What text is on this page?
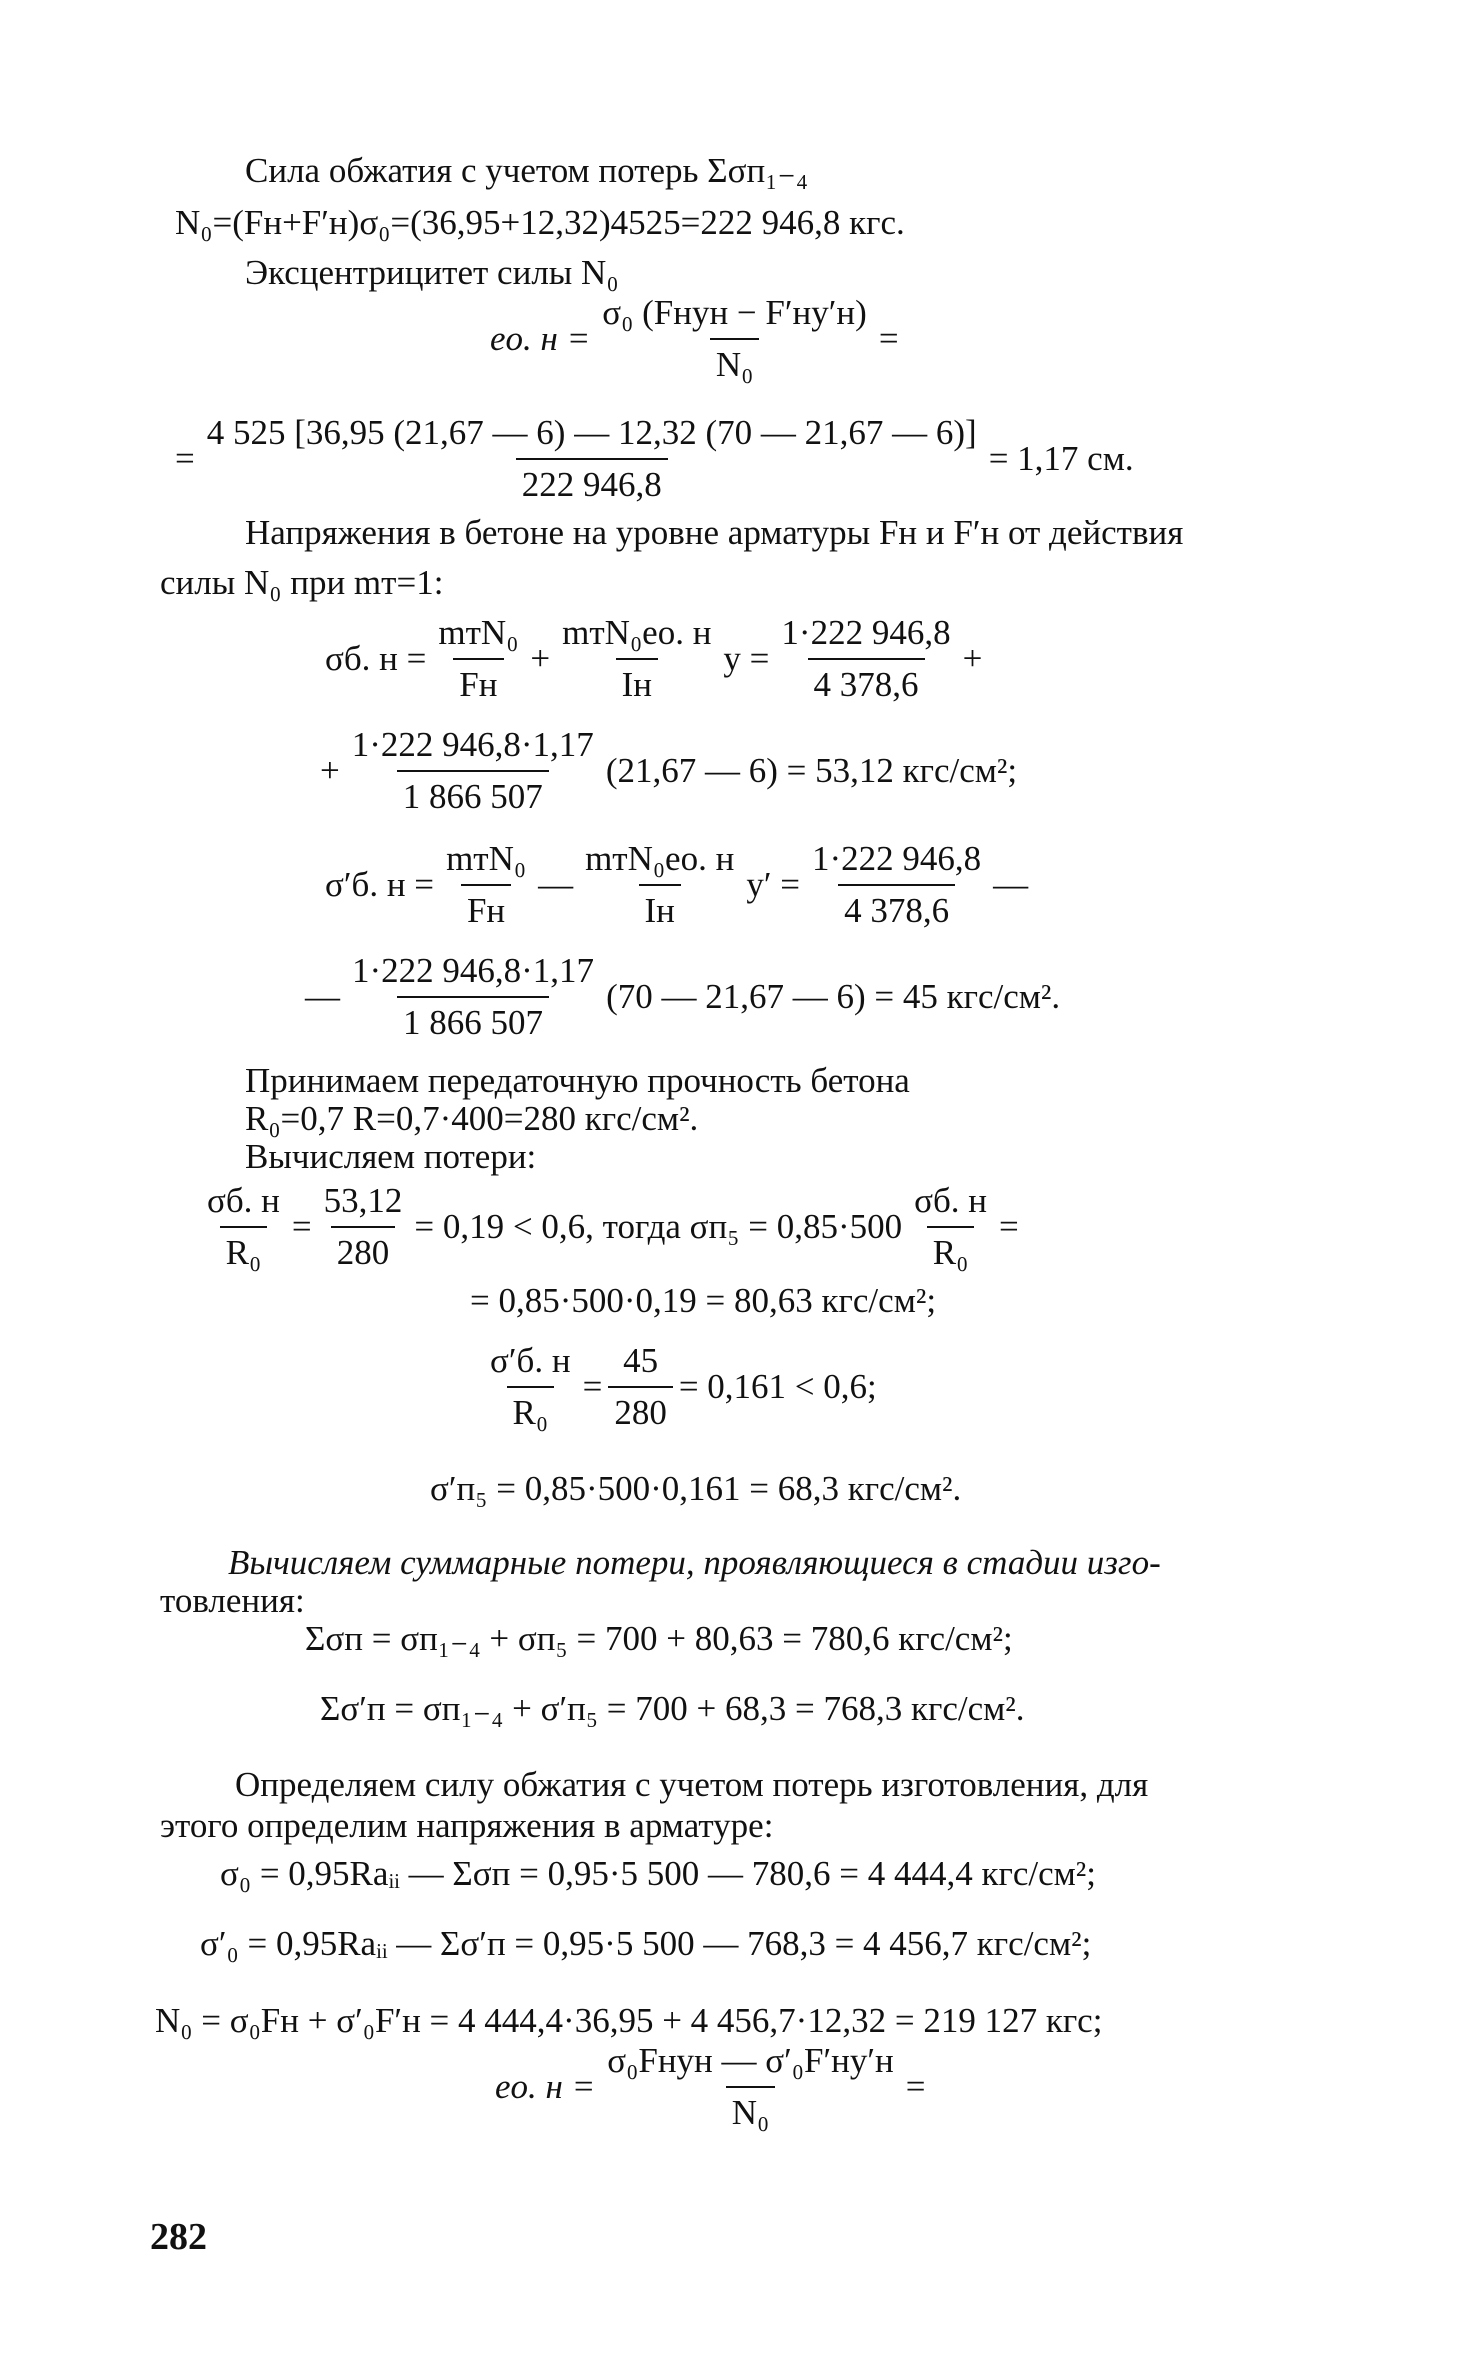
Сила обжатия с учетом потерь Σσп₁₋₄
N₀=(Fн+F′н)σ₀=(36,95+12,32)4525=222 946,8 кгс.
Эксцентрицитет силы N₀
eо. $н = \frac{\text{σ₀ (Fнyн − F′нy′н)}}{\text{N₀}}$ =
= $\frac{4 525 [36,95 (21,67 — 6) — 12,32 (70 — 21,67 — 6)]}{222 946,8} = 1,17$ см.
Напряжения в бетоне на уровне арматуры Fн и F′н от действия
силы N₀ при mт=1:
σб. $н = \frac{\text{mтN₀}}{Fн} + \frac{\text{mтN₀eо. н}}{Iн}$ $y = \frac{1\cdot 222 946,8}{4 378,6}$ +
+ $\frac{1\cdot 222 946,8\cdot 1,17}{1 866 507} (21,67$ — 6) = 53,12 кгс/см²;
σ′б. $н = \frac{\text{mтN₀}}{Fн}$ — $\frac{\text{mтN₀eо. н}}{Iн} y' = \frac{1\cdot 222 946,8}{4 378,6}$ —
— $\frac{1\cdot 222 946,8\cdot 1,17}{1 866 507} (70$ — 21,67 — 6) = 45 кгс/см².
Принимаем передаточную прочность бетона
R₀=0,7 R=0,7·400=280 кгс/см².
Вычисляем потери:
$\frac{\sigma б. н}{\text{R₀}} = \frac{53,12}{280} = 0,19 < 0,6$, тогда $\sigma п_5 = 0,85\cdot 500 \frac{\sigma б. н}{\text{R₀}}$ =
= 0,85·500·0,19 = 80,63 кгс/см²;
$\frac{\sigma'б. н}{\text{R₀}} = \frac{45}{280} = 0,161 < 0,6$;
σ′п₅ = 0,85·500·0,161 = 68,3 кгс/см².
Вычисляем суммарные потери, проявляющиеся в стадии изго-
товления:
Σσп = σп₁₋₄ + σп₅ = 700 + 80,63 = 780,6 кгс/см²;
Σσ′п = σп₁₋₄ + σ′п₅ = 700 + 68,3 = 768,3 кгс/см².
Определяем силу обжатия с учетом потерь изготовления, для
этого определим напряжения в арматуре:
σ₀ = 0,95Raᵢᵢ — Σσп = 0,95·5 500 — 780,6 = 4 444,4 кгс/см²;
σ′₀ = 0,95Raᵢᵢ — Σσ′п = 0,95·5 500 — 768,3 = 4 456,7 кгс/см²;
N₀ = σ₀Fн + σ′₀F′н = 4 444,4·36,95 + 4 456,7·12,32 = 219 127 кгс;
eо. $н = \frac{\text{σ₀Fнyн — σ′₀F′нy′н}}{\text{N₀}}$ =
282
